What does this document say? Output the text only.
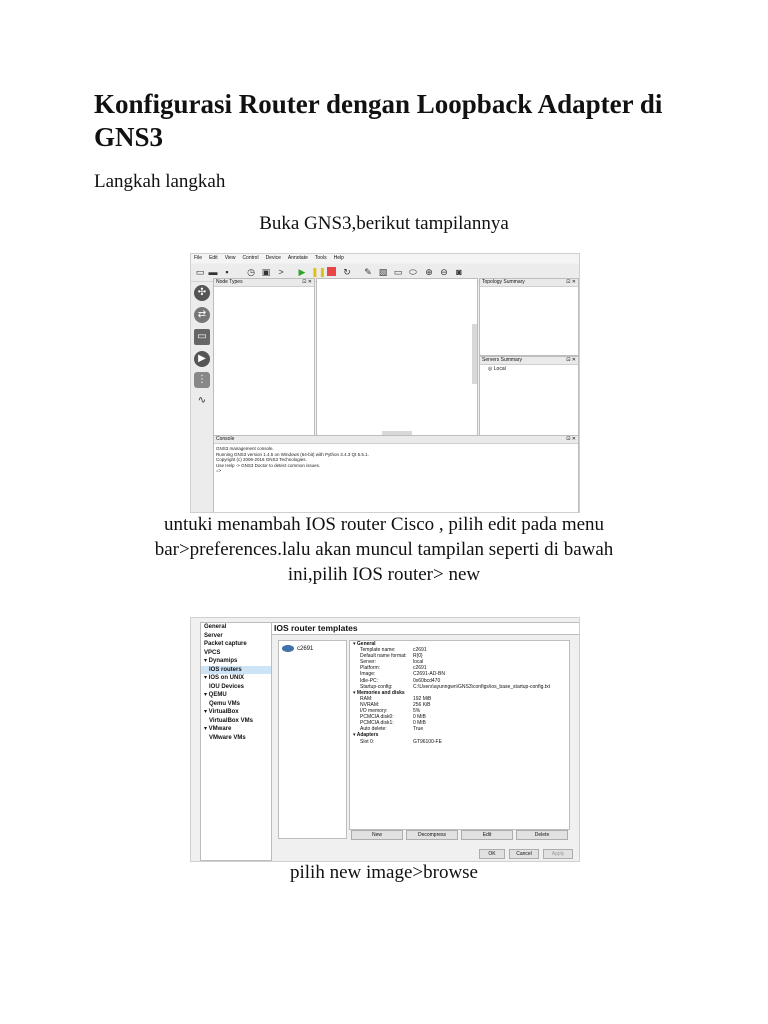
Konfigurasi Router dengan Loopback Adapter di GNS3
Langkah langkah
Buka GNS3,berikut tampilannya
File Edit View Control Device Annotate Tools Help
▭ ▬ ▪	◷ ▣ > ▶ ❚❚ ↻ ✎ ▧ ▭ ⬭ ⊕ ⊖ ◙
✣
⇄
▭
▶
⋮
∿
Node Types	⊡ ✕	Topology Summary	⊡ ✕
Servers Summary	⊡ ✕
◎ Local
Console	⊡ ✕
GNS3 management console.
Running GNS3 version 1.4.5 on Windows (64-bit) with Python 3.4.3 Qt 5.5.1.
Copyright (c) 2006-2016 GNS3 Technologies.
Use Help -> GNS3 Doctor to detect common issues.
=>
untuki menambah IOS router Cisco , pilih edit pada menu
bar>preferences.lalu akan muncul tampilan seperti di bawah
ini,pilih IOS router> new
General
Server
Packet capture
VPCS
▾ Dynamips
IOS routers
▾ IOS on UNIX
IOU Devices
▾ QEMU
Qemu VMs
▾ VirtualBox
VirtualBox VMs
▾ VMware
VMware VMs
IOS router templates
c2691
▾ General
Template name:	c2691
Default name format:	R{0}
Server:	local
Platform:	c2691
Image:	C2691-AD-BN
Idle-PC:	0x60bcd470
Startup-config:	C:\Users\ayunngwn\GNS3\configs\ios_base_startup-config.txt
▾ Memories and disks
RAM:	192 MiB
NVRAM:	256 KiB
I/O memory:	5%
PCMCIA disk0:	0 MiB
PCMCIA disk1:	0 MiB
Auto delete:	True
▾ Adapters
Slot 0:	GT96100-FE
New	Decompress	Edit	Delete
OK	Cancel	Apply
pilih new image>browse
